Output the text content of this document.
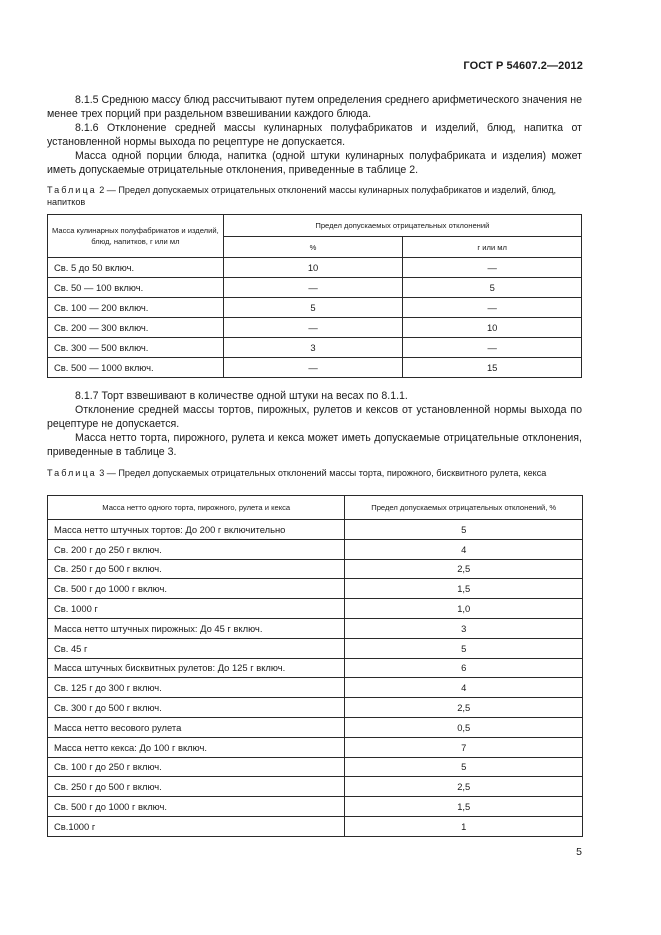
ГОСТ Р 54607.2—2012

8.1.5 Среднюю массу блюд рассчитывают путем определения среднего арифметического значения не менее трех порций при раздельном взвешивании каждого блюда.

8.1.6 Отклонение средней массы кулинарных полуфабрикатов и изделий, блюд, напитка от установленной нормы выхода по рецептуре не допускается.

Масса одной порции блюда, напитка (одной штуки кулинарных полуфабриката и изделия) может иметь допускаемые отрицательные отклонения, приведенные в таблице 2.

Таблица 2 — Предел допускаемых отрицательных отклонений массы кулинарных полуфабрикатов и изделий, блюд, напитков
Масса кулинарных полуфабрикатов и изделий, блюд, напитков, г или мл	Предел допускаемых отрицательных отклонений	
	%	г или мл
Св. 5 до 50 включ.	10	—
Св. 50 — 100 включ.	—	5
Св. 100 — 200 включ.	5	—
Св. 200 — 300 включ.	—	10
Св. 300 — 500 включ.	3	—
Св. 500 — 1000 включ.	—	15

8.1.7 Торт взвешивают в количестве одной штуки на весах по 8.1.1.

Отклонение средней массы тортов, пирожных, рулетов и кексов от установленной нормы выхода по рецептуре не допускается.

Масса нетто торта, пирожного, рулета и кекса может иметь допускаемые отрицательные отклонения, приведенные в таблице 3.

Таблица 3 — Предел допускаемых отрицательных отклонений массы торта, пирожного, бисквитного рулета, кекса
Масса нетто одного торта, пирожного, рулета и кекса	Предел допускаемых отрицательных отклонений, %
Масса нетто штучных тортов: До 200 г включительно	5
Св. 200 г до 250 г включ.	4
Св. 250 г до 500 г включ.	2,5
Св. 500 г до 1000 г включ.	1,5
Св. 1000 г	1,0
Масса нетто штучных пирожных: До 45 г включ.	3
Св. 45 г	5
Масса штучных бисквитных рулетов: До 125 г включ.	6
Св. 125 г до 300 г включ.	4
Св. 300 г до 500 г включ.	2,5
Масса нетто весового рулета	0,5
Масса нетто кекса: До 100 г включ.	7
Св. 100 г до 250 г включ.	5
Св. 250 г до 500 г включ.	2,5
Св. 500 г до 1000 г включ.	1,5
Св.1000 г	1
5
